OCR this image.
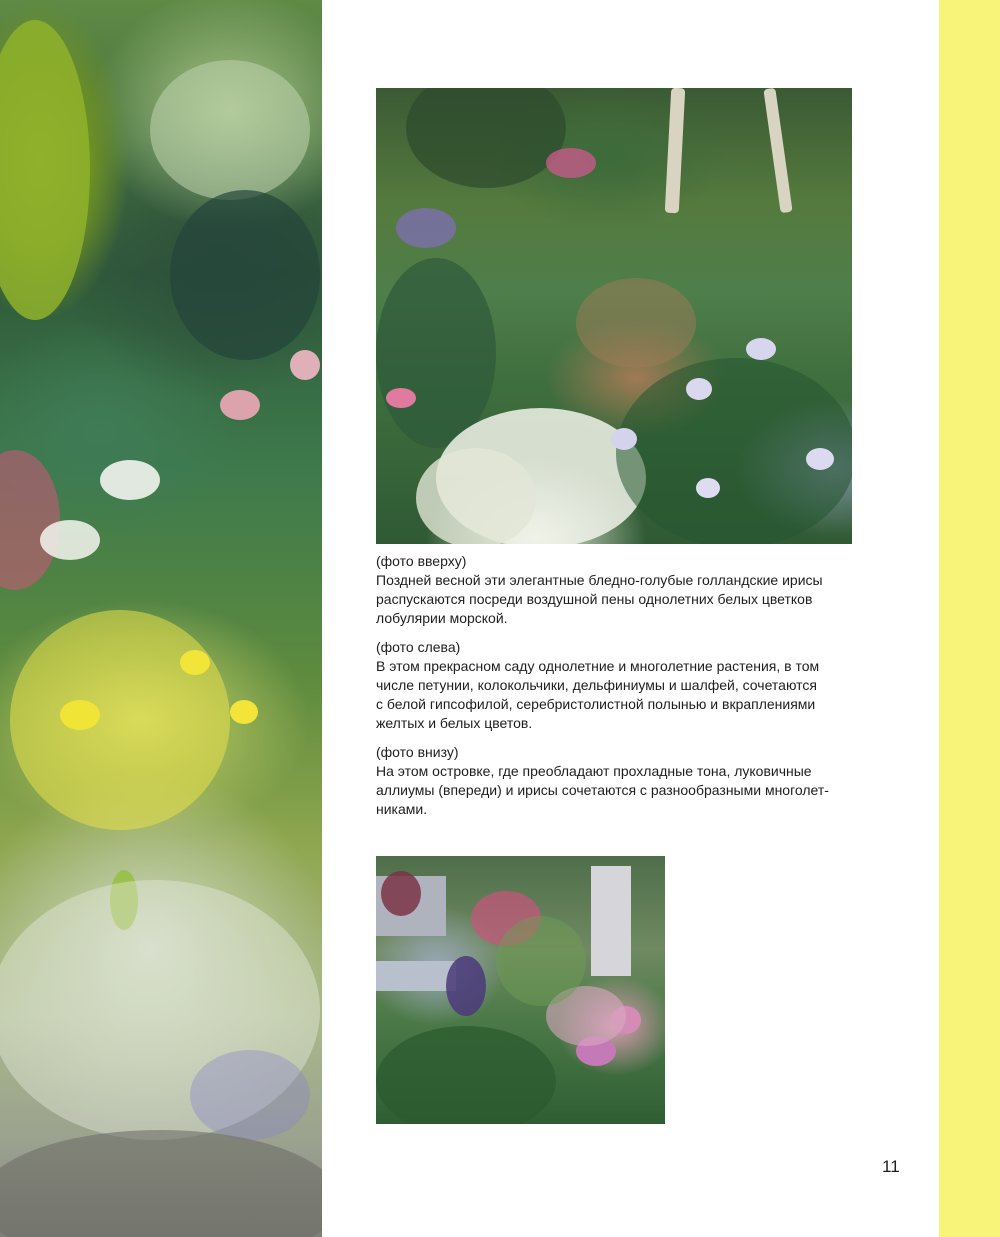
(фото вверху)
Поздней весной эти элегантные бледно-голубые голландские ирисы
распускаются посреди воздушной пены однолетних белых цветков
лобулярии морской.
(фото слева)
В этом прекрасном саду однолетние и многолетние растения, в том
числе петунии, колокольчики, дельфиниумы и шалфей, сочетаются
с белой гипсофилой, серебристолистной полынью и вкраплениями
желтых и белых цветов.
(фото внизу)
На этом островке, где преобладают прохладные тона, луковичные
аллиумы (впереди) и ирисы сочетаются с разнообразными многолет-
никами.
11
